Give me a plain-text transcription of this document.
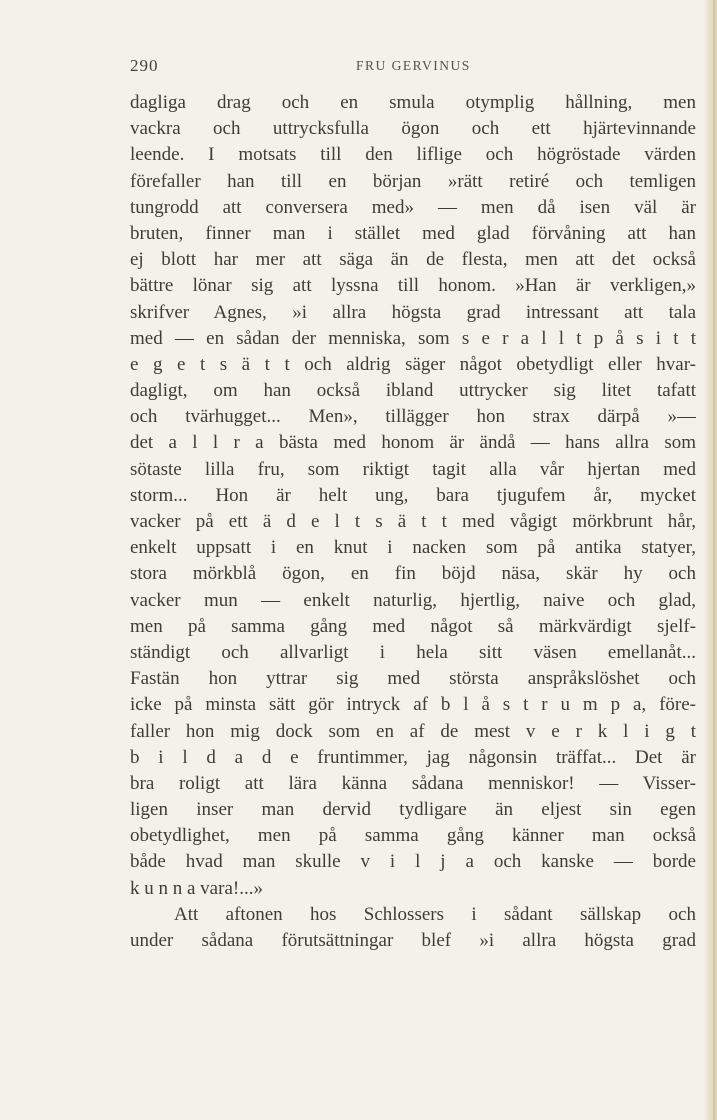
290	FRU GERVINUS
dagliga drag och en smula otymplig hållning, men
vackra och uttrycksfulla ögon och ett hjärtevinnande
leende. I motsats till den liflige och högröstade värden
förefaller han till en början »rätt retiré och temligen
tungrodd att conversera med» — men då isen väl är
bruten, finner man i stället med glad förvåning att han
ej blott har mer att säga än de flesta, men att det också
bättre lönar sig att lyssna till honom. »Han är verkligen,»
skrifver Agnes, »i allra högsta grad intressant att tala
med — en sådan der menniska, som s e r a l l t p å s i t t
e g e t s ä t t och aldrig säger något obetydligt eller hvar-
dagligt, om han också ibland uttrycker sig litet tafatt
och tvärhugget... Men», tillägger hon strax därpå »—
det a l l r a bästa med honom är ändå — hans allra som
sötaste lilla fru, som riktigt tagit alla vår hjertan med
storm... Hon är helt ung, bara tjugufem år, mycket
vacker på ett ä d e l t s ä t t med vågigt mörkbrunt hår,
enkelt uppsatt i en knut i nacken som på antika statyer,
stora mörkblå ögon, en fin böjd näsa, skär hy och
vacker mun — enkelt naturlig, hjertlig, naive och glad,
men på samma gång med något så märkvärdigt sjelf-
ständigt och allvarligt i hela sitt väsen emellanåt...
Fastän hon yttrar sig med största anspråkslöshet och
icke på minsta sätt gör intryck af b l å s t r u m p a, före-
faller hon mig dock som en af de mest v e r k l i g t
b i l d a d e fruntimmer, jag någonsin träffat... Det är
bra roligt att lära känna sådana menniskor! — Visser-
ligen inser man dervid tydligare än eljest sin egen
obetydlighet, men på samma gång känner man också
både hvad man skulle v i l j a och kanske — borde
k u n n a vara!...»
Att aftonen hos Schlossers i sådant sällskap och
under sådana förutsättningar blef »i allra högsta grad
